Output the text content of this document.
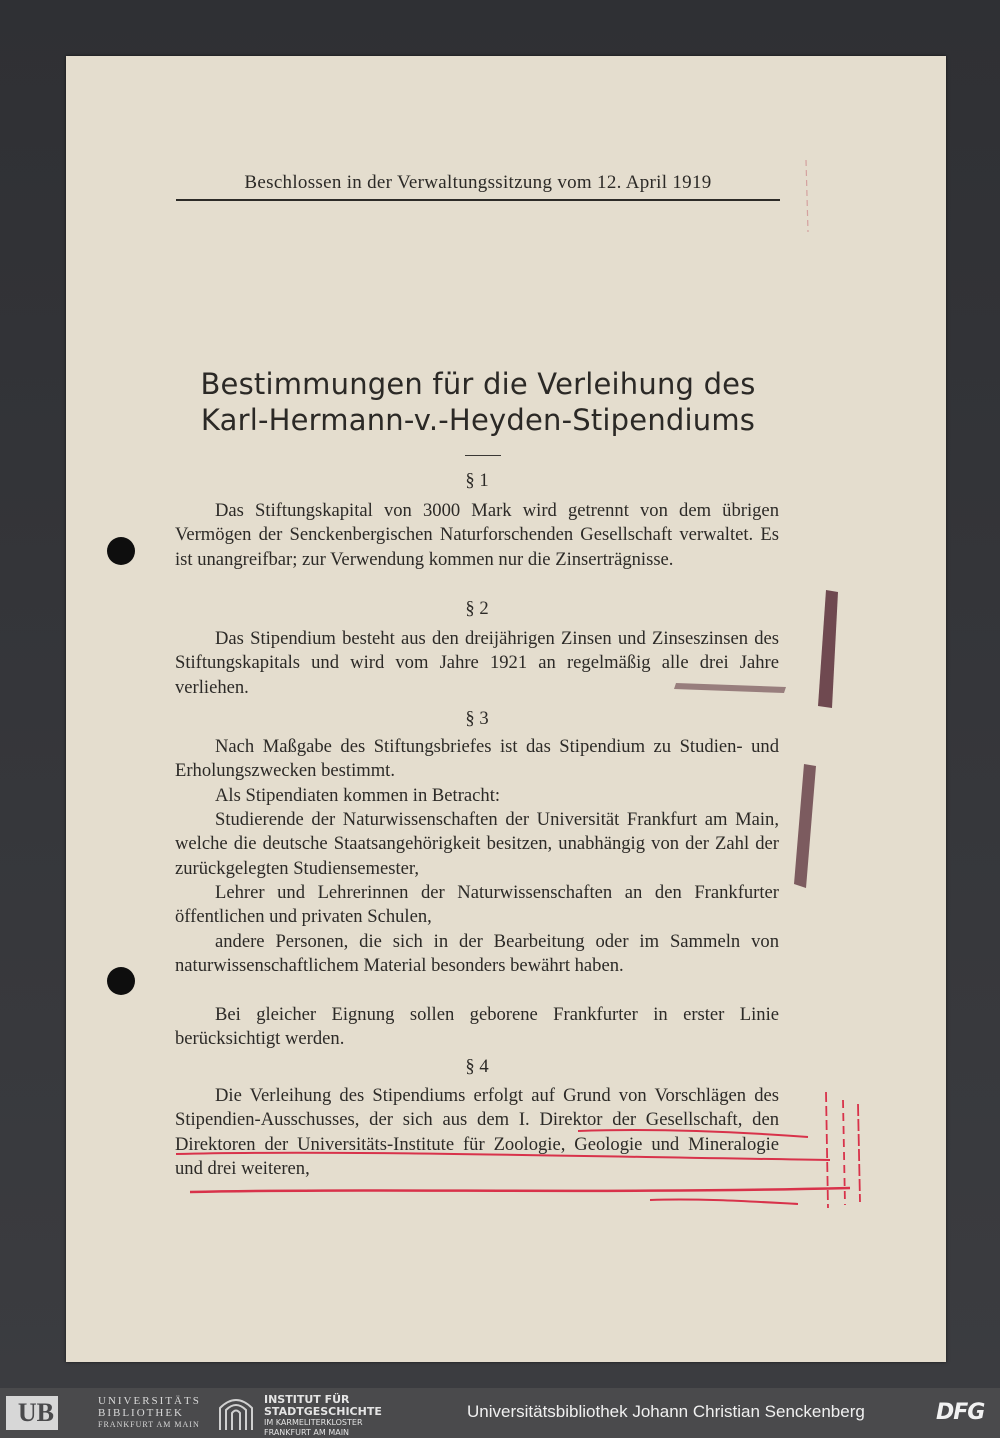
Beschlossen in der Verwaltungssitzung vom 12. April 1919
Bestimmungen für die Verleihung des
Karl-Hermann-v.-Heyden-Stipendiums
§ 1
Das Stiftungskapital von 3000 Mark wird getrennt von dem übrigen Vermögen der Senckenbergischen Naturforschenden Gesellschaft verwaltet. Es ist unangreifbar; zur Verwendung kommen nur die Zinserträgnisse.
§ 2
Das Stipendium besteht aus den dreijährigen Zinsen und Zinseszinsen des Stiftungskapitals und wird vom Jahre 1921 an regelmäßig alle drei Jahre verliehen.
§ 3
Nach Maßgabe des Stiftungsbriefes ist das Stipendium zu Studien- und Erholungszwecken bestimmt.
Als Stipendiaten kommen in Betracht:
Studierende der Naturwissenschaften der Universität Frankfurt am Main, welche die deutsche Staatsangehörigkeit besitzen, unabhängig von der Zahl der zurückgelegten Studiensemester,
Lehrer und Lehrerinnen der Naturwissenschaften an den Frankfurter öffentlichen und privaten Schulen,
andere Personen, die sich in der Bearbeitung oder im Sammeln von naturwissenschaftlichem Material besonders bewährt haben.
Bei gleicher Eignung sollen geborene Frankfurter in erster Linie berücksichtigt werden.
§ 4
Die Verleihung des Stipendiums erfolgt auf Grund von Vorschlägen des Stipendien-Ausschusses, der sich aus dem I. Direktor der Gesellschaft, den Direktoren der Universitäts-Institute für Zoologie, Geologie und Mineralogie und drei weiteren,
UB	UNIVERSITÄTS
BIBLIOTHEK
FRANKFURT AM MAIN
INSTITUT FÜR
STADTGESCHICHTE
IM KARMELITERKLOSTER
FRANKFURT AM MAIN
Universitätsbibliothek Johann Christian Senckenberg	DFG
